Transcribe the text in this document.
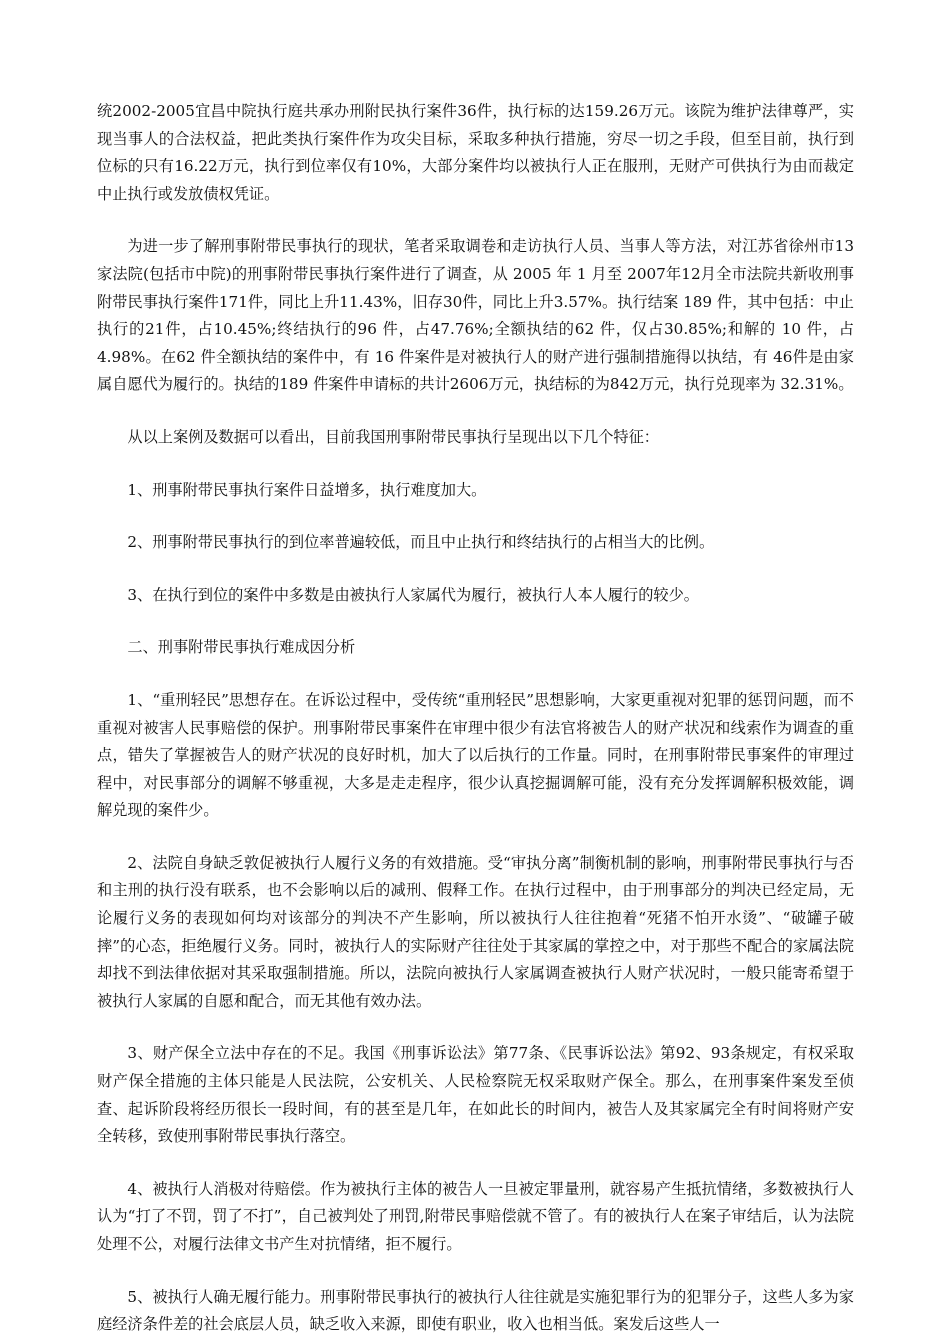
统2002-2005宜昌中院执行庭共承办刑附民执行案件36件，执行标的达159.26万元。该院为维护法律尊严，实现当事人的合法权益，把此类执行案件作为攻尖目标，采取多种执行措施，穷尽一切之手段，但至目前，执行到位标的只有16.22万元，执行到位率仅有10%，大部分案件均以被执行人正在服刑，无财产可供执行为由而裁定中止执行或发放债权凭证。

为进一步了解刑事附带民事执行的现状，笔者采取调卷和走访执行人员、当事人等方法，对江苏省徐州市13家法院(包括市中院)的刑事附带民事执行案件进行了调查，从 2005 年 1 月至 2007年12月全市法院共新收刑事附带民事执行案件171件，同比上升11.43%，旧存30件，同比上升3.57%。执行结案 189 件，其中包括：中止执行的21件，占10.45%;终结执行的96 件，占47.76%;全额执结的62 件，仅占30.85%;和解的 10 件，占4.98%。在62 件全额执结的案件中，有 16 件案件是对被执行人的财产进行强制措施得以执结，有 46件是由家属自愿代为履行的。执结的189 件案件申请标的共计2606万元，执结标的为842万元，执行兑现率为 32.31%。

从以上案例及数据可以看出，目前我国刑事附带民事执行呈现出以下几个特征：

1、刑事附带民事执行案件日益增多，执行难度加大。

2、刑事附带民事执行的到位率普遍较低，而且中止执行和终结执行的占相当大的比例。

3、在执行到位的案件中多数是由被执行人家属代为履行，被执行人本人履行的较少。

二、刑事附带民事执行难成因分析

1、“重刑轻民”思想存在。在诉讼过程中，受传统“重刑轻民”思想影响，大家更重视对犯罪的惩罚问题，而不重视对被害人民事赔偿的保护。刑事附带民事案件在审理中很少有法官将被告人的财产状况和线索作为调查的重点，错失了掌握被告人的财产状况的良好时机，加大了以后执行的工作量。同时，在刑事附带民事案件的审理过程中，对民事部分的调解不够重视，大多是走走程序，很少认真挖掘调解可能，没有充分发挥调解积极效能，调解兑现的案件少。

2、法院自身缺乏敦促被执行人履行义务的有效措施。受“审执分离”制衡机制的影响，刑事附带民事执行与否和主刑的执行没有联系，也不会影响以后的减刑、假释工作。在执行过程中，由于刑事部分的判决已经定局，无论履行义务的表现如何均对该部分的判决不产生影响，所以被执行人往往抱着“死猪不怕开水烫”、“破罐子破摔”的心态，拒绝履行义务。同时，被执行人的实际财产往往处于其家属的掌控之中，对于那些不配合的家属法院却找不到法律依据对其采取强制措施。所以，法院向被执行人家属调查被执行人财产状况时，一般只能寄希望于被执行人家属的自愿和配合，而无其他有效办法。

3、财产保全立法中存在的不足。我国《刑事诉讼法》第77条、《民事诉讼法》第92、93条规定，有权采取财产保全措施的主体只能是人民法院，公安机关、人民检察院无权采取财产保全。那么，在刑事案件案发至侦查、起诉阶段将经历很长一段时间，有的甚至是几年，在如此长的时间内，被告人及其家属完全有时间将财产安全转移，致使刑事附带民事执行落空。

4、被执行人消极对待赔偿。作为被执行主体的被告人一旦被定罪量刑，就容易产生抵抗情绪，多数被执行人认为“打了不罚，罚了不打”，自己被判处了刑罚,附带民事赔偿就不管了。有的被执行人在案子审结后，认为法院处理不公，对履行法律文书产生对抗情绪，拒不履行。

5、被执行人确无履行能力。刑事附带民事执行的被执行人往往就是实施犯罪行为的犯罪分子，这些人多为家庭经济条件差的社会底层人员，缺乏收入来源，即使有职业，收入也相当低。案发后这些人一
